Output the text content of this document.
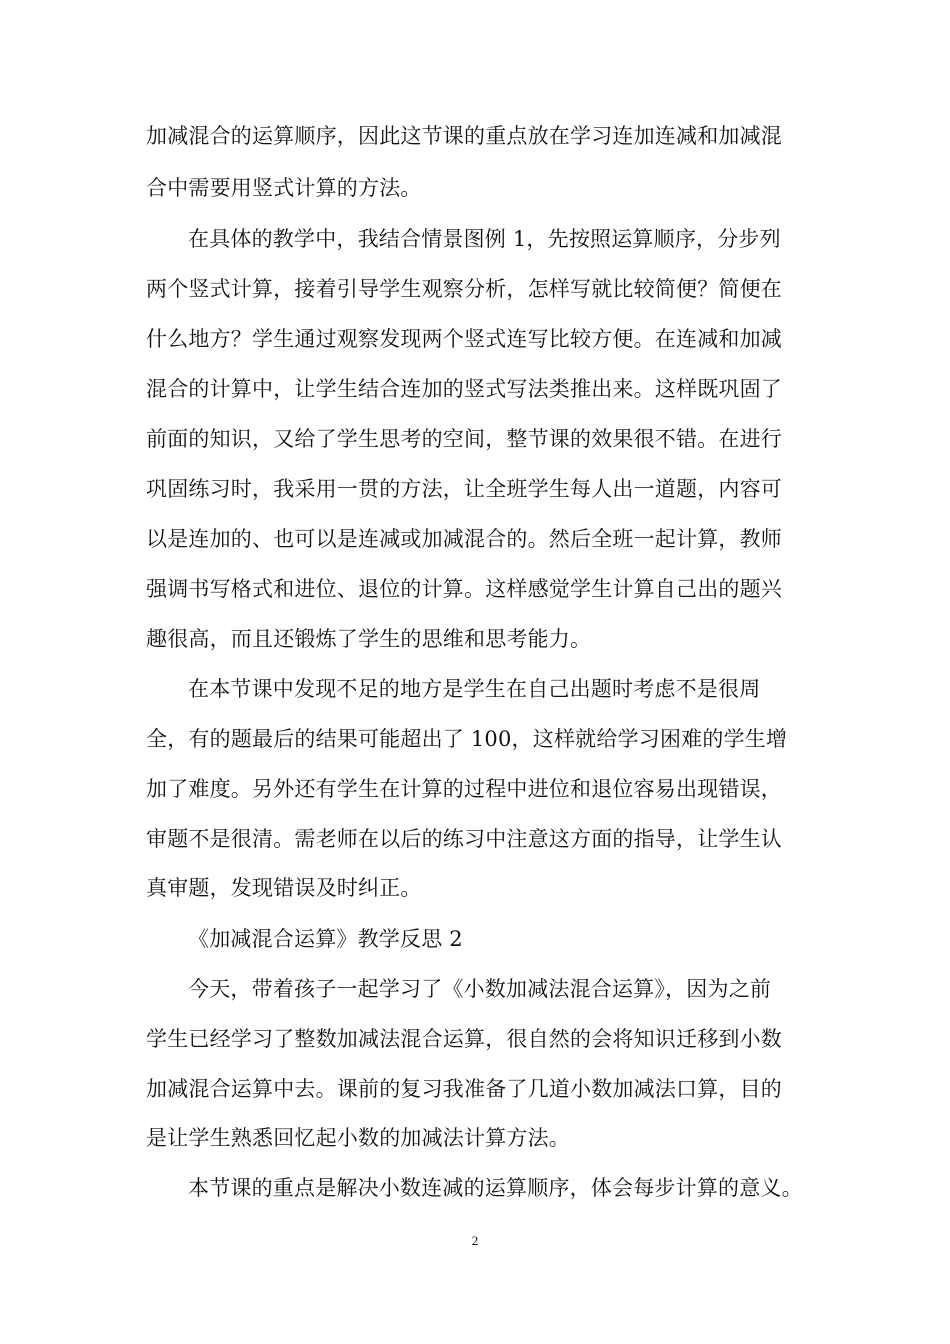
加减混合的运算顺序，因此这节课的重点放在学习连加连减和加减混
合中需要用竖式计算的方法。
在具体的教学中，我结合情景图例 1，先按照运算顺序，分步列
两个竖式计算，接着引导学生观察分析，怎样写就比较简便？简便在
什么地方？学生通过观察发现两个竖式连写比较方便。在连减和加减
混合的计算中，让学生结合连加的竖式写法类推出来。这样既巩固了
前面的知识，又给了学生思考的空间，整节课的效果很不错。在进行
巩固练习时，我采用一贯的方法，让全班学生每人出一道题，内容可
以是连加的、也可以是连减或加减混合的。然后全班一起计算，教师
强调书写格式和进位、退位的计算。这样感觉学生计算自己出的题兴
趣很高，而且还锻炼了学生的思维和思考能力。
在本节课中发现不足的地方是学生在自己出题时考虑不是很周
全，有的题最后的结果可能超出了 100，这样就给学习困难的学生增
加了难度。另外还有学生在计算的过程中进位和退位容易出现错误，
审题不是很清。需老师在以后的练习中注意这方面的指导，让学生认
真审题，发现错误及时纠正。
《加减混合运算》教学反思 2
今天，带着孩子一起学习了《小数加减法混合运算》，因为之前
学生已经学习了整数加减法混合运算，很自然的会将知识迁移到小数
加减混合运算中去。课前的复习我准备了几道小数加减法口算，目的
是让学生熟悉回忆起小数的加减法计算方法。
本节课的重点是解决小数连减的运算顺序，体会每步计算的意义。
2
